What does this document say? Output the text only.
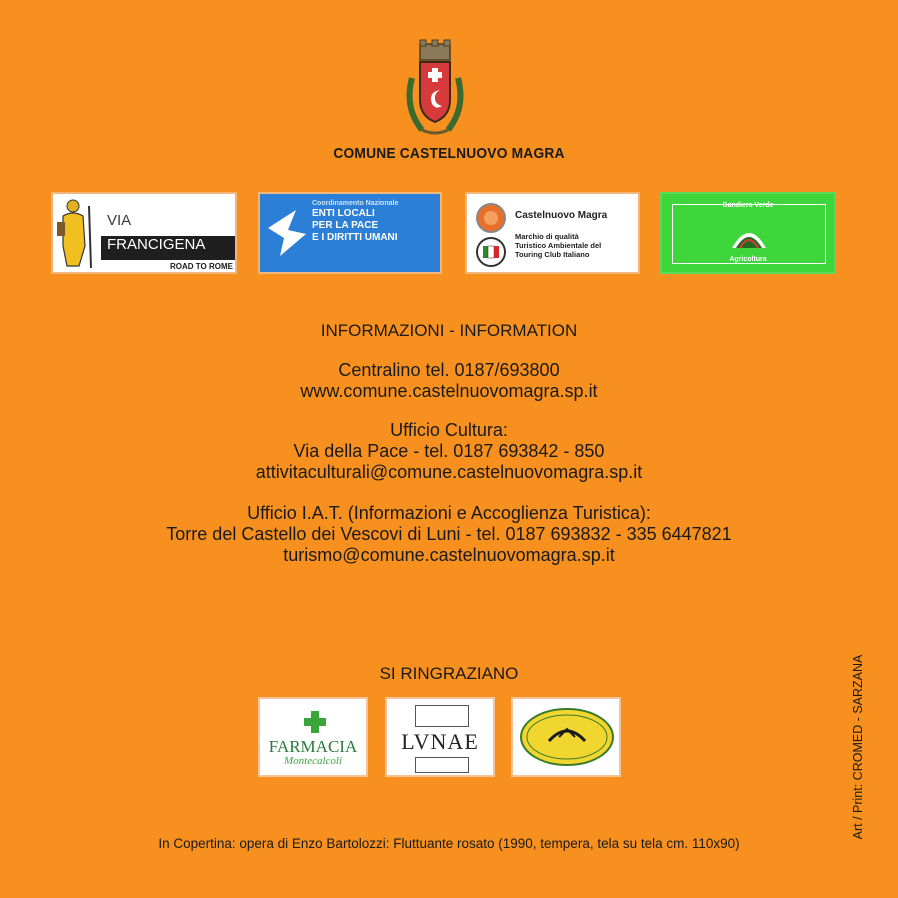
COMUNE CASTELNUOVO MAGRA
VIA
FRANCIGENA
ROAD TO ROME
Coordinamento Nazionale
ENTI LOCALI
PER LA PACE
E I DIRITTI UMANI
Castelnuovo Magra
Marchio di qualità
Turistico Ambientale del
Touring Club Italiano
Bandiera Verde
Agricoltura
INFORMAZIONI - INFORMATION
Centralino tel. 0187/693800
www.comune.castelnuovomagra.sp.it
Ufficio Cultura:
Via della Pace - tel. 0187 693842 - 850
attivitaculturali@comune.castelnuovomagra.sp.it
Ufficio I.A.T. (Informazioni e Accoglienza Turistica):
Torre del Castello dei Vescovi di Luni - tel. 0187 693832 - 335 6447821
turismo@comune.castelnuovomagra.sp.it
SI RINGRAZIANO
FARMACIA
Montecalcoli
LVNAE
In Copertina: opera di Enzo Bartolozzi: Fluttuante rosato (1990, tempera, tela su tela cm. 110x90)
Art / Print: CROMED - SARZANA
